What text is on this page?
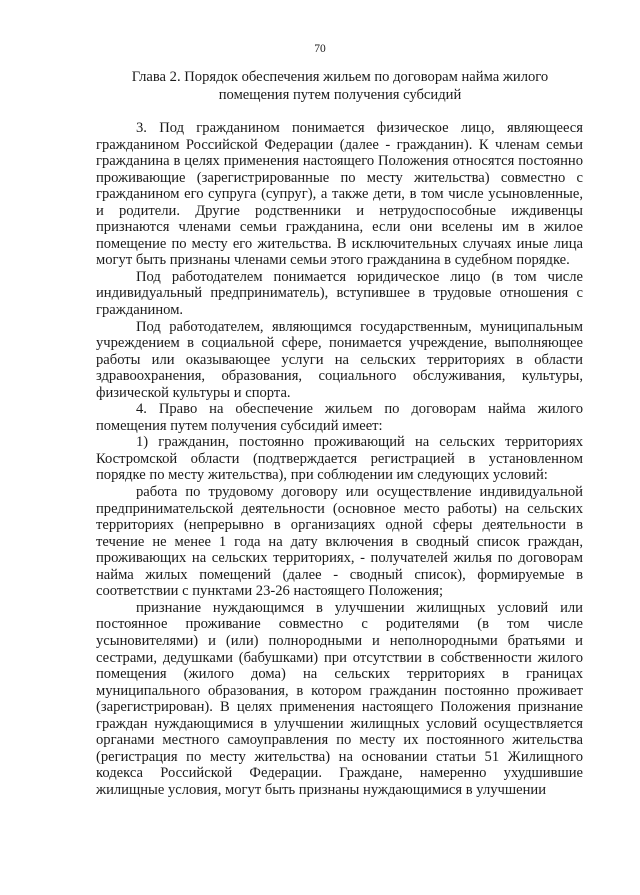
70
Глава 2. Порядок обеспечения жильем по договорам найма жилого
помещения путем получения субсидий

3. Под гражданином понимается физическое лицо, являющееся гражданином Российской Федерации (далее - гражданин). К членам семьи гражданина в целях применения настоящего Положения относятся постоянно проживающие (зарегистрированные по месту жительства) совместно с гражданином его супруга (супруг), а также дети, в том числе усыновленные, и родители. Другие родственники и нетрудоспособные иждивенцы признаются членами семьи гражданина, если они вселены им в жилое помещение по месту его жительства. В исключительных случаях иные лица могут быть признаны членами семьи этого гражданина в судебном порядке.

Под работодателем понимается юридическое лицо (в том числе индивидуальный предприниматель), вступившее в трудовые отношения с гражданином.

Под работодателем, являющимся государственным, муниципальным учреждением в социальной сфере, понимается учреждение, выполняющее работы или оказывающее услуги на сельских территориях в области здравоохранения, образования, социального обслуживания, культуры, физической культуры и спорта.

4. Право на обеспечение жильем по договорам найма жилого помещения путем получения субсидий имеет:

1) гражданин, постоянно проживающий на сельских территориях Костромской области (подтверждается регистрацией в установленном порядке по месту жительства), при соблюдении им следующих условий:

работа по трудовому договору или осуществление индивидуальной предпринимательской деятельности (основное место работы) на сельских территориях (непрерывно в организациях одной сферы деятельности в течение не менее 1 года на дату включения в сводный список граждан, проживающих на сельских территориях, - получателей жилья по договорам найма жилых помещений (далее - сводный список), формируемые в соответствии с пунктами 23-26 настоящего Положения;

признание нуждающимся в улучшении жилищных условий или постоянное проживание совместно с родителями (в том числе усыновителями) и (или) полнородными и неполнородными братьями и сестрами, дедушками (бабушками) при отсутствии в собственности жилого помещения (жилого дома) на сельских территориях в границах муниципального образования, в котором гражданин постоянно проживает (зарегистрирован). В целях применения настоящего Положения признание граждан нуждающимися в улучшении жилищных условий осуществляется органами местного самоуправления по месту их постоянного жительства (регистрация по месту жительства) на основании статьи 51 Жилищного кодекса Российской Федерации. Граждане, намеренно ухудшившие жилищные условия, могут быть признаны нуждающимися в улучшении
